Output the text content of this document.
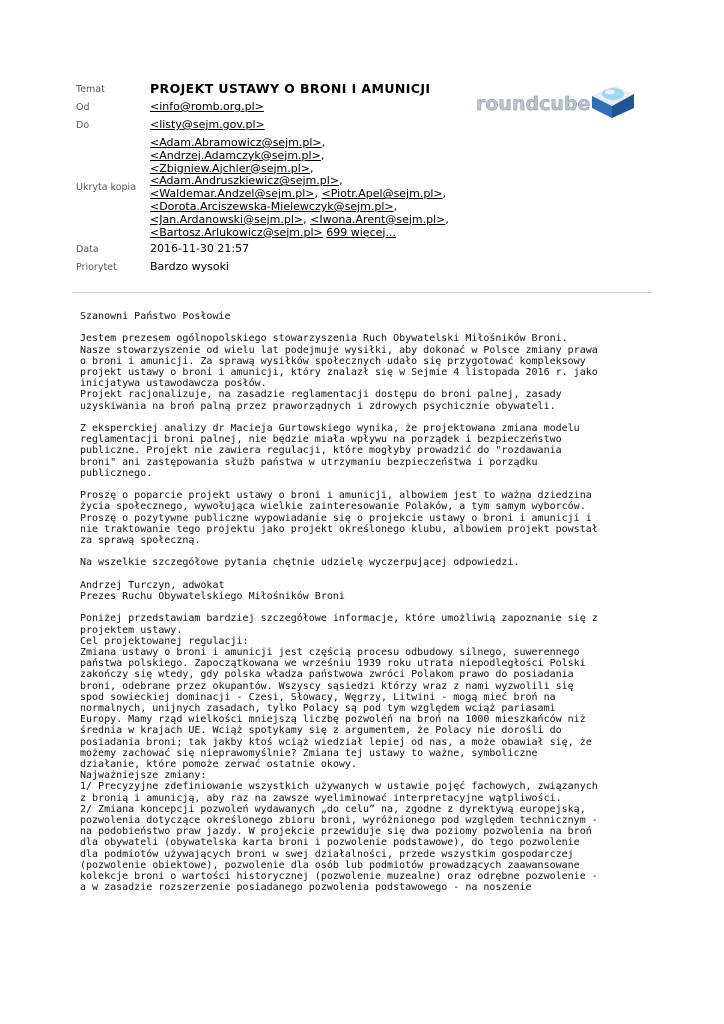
Temat	PROJEKT USTAWY O BRONI I AMUNICJI
Od	<info@romb.org.pl>
Do	<listy@sejm.gov.pl>
Ukryta kopia
<Adam.Abramowicz@sejm.pl>,
<Andrzej.Adamczyk@sejm.pl>,
<Zbigniew.Ajchler@sejm.pl>,
<Adam.Andruszkiewicz@sejm.pl>,
<Waldemar.Andzel@sejm.pl>, <Piotr.Apel@sejm.pl>,
<Dorota.Arciszewska-Mielewczyk@sejm.pl>,
<Jan.Ardanowski@sejm.pl>, <Iwona.Arent@sejm.pl>,
<Bartosz.Arlukowicz@sejm.pl> 699 więcej...
Data	2016-11-30 21:57
Priorytet	Bardzo wysoki
roundcube
Szanowni Państwo Posłowie
Jestem prezesem ogólnopolskiego stowarzyszenia Ruch Obywatelski Miłośników Broni.
Nasze stowarzyszenie od wielu lat podejmuje wysiłki, aby dokonać w Polsce zmiany prawa
o broni i amunicji. Za sprawą wysiłków społecznych udało się przygotować kompleksowy
projekt ustawy o broni i amunicji, który znalazł się w Sejmie 4 listopada 2016 r. jako
inicjatywa ustawodawcza posłów.
Projekt racjonalizuje, na zasadzie reglamentacji dostępu do broni palnej, zasady
uzyskiwania na broń palną przez praworządnych i zdrowych psychicznie obywateli.
Z eksperckiej analizy dr Macieja Gurtowskiego wynika, że projektowana zmiana modelu
reglamentacji broni palnej, nie będzie miała wpływu na porządek i bezpieczeństwo
publiczne. Projekt nie zawiera regulacji, które mogłyby prowadzić do "rozdawania
broni" ani zastępowania służb państwa w utrzymaniu bezpieczeństwa i porządku
publicznego.
Proszę o poparcie projekt ustawy o broni i amunicji, albowiem jest to ważna dziedzina
życia społecznego, wywołująca wielkie zainteresowanie Polaków, a tym samym wyborców.
Proszę o pozytywne publiczne wypowiadanie się o projekcie ustawy o broni i amunicji i
nie traktowanie tego projektu jako projekt określonego klubu, albowiem projekt powstał
za sprawą społeczną.
Na wszelkie szczegółowe pytania chętnie udzielę wyczerpującej odpowiedzi.
Andrzej Turczyn, adwokat
Prezes Ruchu Obywatelskiego Miłośników Broni
Poniżej przedstawiam bardziej szczegółowe informacje, które umożliwią zapoznanie się z
projektem ustawy.
Cel projektowanej regulacji:
Zmiana ustawy o broni i amunicji jest częścią procesu odbudowy silnego, suwerennego
państwa polskiego. Zapoczątkowana we wrześniu 1939 roku utrata niepodległości Polski
zakończy się wtedy, gdy polska władza państwowa zwróci Polakom prawo do posiadania
broni, odebrane przez okupantów. Wszyscy sąsiedzi którzy wraz z nami wyzwolili się
spod sowieckiej dominacji - Czesi, Słowacy, Węgrzy, Litwini - mogą mieć broń na
normalnych, unijnych zasadach, tylko Polacy są pod tym względem wciąż pariasami
Europy. Mamy rząd wielkości mniejszą liczbę pozwoleń na broń na 1000 mieszkańców niż
średnia w krajach UE. Wciąż spotykamy się z argumentem, że Polacy nie dorośli do
posiadania broni; tak jakby ktoś wciąż wiedział lepiej od nas, a może obawiał się, że
możemy zachować się nieprawomyślnie? Zmiana tej ustawy to ważne, symboliczne
działanie, które pomoże zerwać ostatnie okowy.
Najważniejsze zmiany:
1/ Precyzyjne zdefiniowanie wszystkich używanych w ustawie pojęć fachowych, związanych
z bronią i amunicją, aby raz na zawsze wyeliminować interpretacyjne wątpliwości.
2/ Zmiana koncepcji pozwoleń wydawanych „do celu” na, zgodne z dyrektywą europejską,
pozwolenia dotyczące określonego zbioru broni, wyróżnionego pod względem technicznym -
na podobieństwo praw jazdy. W projekcie przewiduje się dwa poziomy pozwolenia na broń
dla obywateli (obywatelska karta broni i pozwolenie podstawowe), do tego pozwolenie
dla podmiotów używających broni w swej działalności, przede wszystkim gospodarczej
(pozwolenie obiektowe), pozwolenie dla osób lub podmiotów prowadzących zaawansowane
kolekcje broni o wartości historycznej (pozwolenie muzealne) oraz odrębne pozwolenie -
a w zasadzie rozszerzenie posiadanego pozwolenia podstawowego - na noszenie
